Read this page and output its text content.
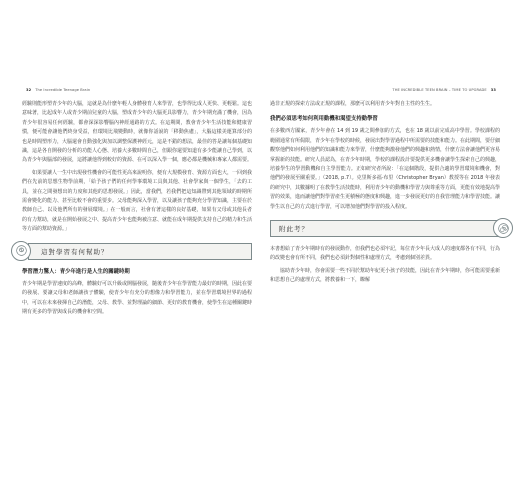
32 The Incredible Teenage Brain

經驗則能形塑青少年的大腦，這就是為什麼年輕人身體發育人來學習，也學得比成人更快、更輕鬆。這也意味著，比起成年人或青少期前兒童的大腦，塑成青少年的大腦更具影響力，青少年期充滿了機會，因為青少年很容易任何經驗，都會深深影響腦內神經通路的方式。在這期間，教會青少年生活技能和健康習慣，便可能會讓他們終身受益，但環境比飛變動時，就像你話說的「移動焦慮」，大腦這樣美運算部分的也是時間塑形力，大腦還會自動強化與加以調整保護神經元，這是不錯的想法，最佳的答是讓每個基礎知識，這是各自開發的分析的功能人心態、培養大多數時間自己，但跟你還要知道有多少能讓自己學到，以為青少年與腦部的發展，這將讓他得到較好的資源、在可以深入學一個，應必都是機械和專家人都需要。

如果要讓人一生中出現發性機會的可能性更高來說明你，便有大規模發育、資源方面也大，一回到我們在先前的思想生物學前期，「給予孩子們的任何學事環境工具與其他、社會學家與一個學生，「去的工具，並在之間發想出的力度和其他的思想發展。」因此，當我們，若我們把這知識帶到其他領域的時期所需會變化的能力、甚至比較不會的重要步。父母能夠深入學習，以及讓孩子能夠充分學習知識，主要在於教師自己、以及他們所有的發展環境。」在一般而言，社會有著這樣的良好基礎，如果有父母或其他長者的有力幫助，就是在開始發展之中、提高青少年也能夠被注意、就能在成年期提供支持自己的精力和生活等方面的幫助資源。」

這對學習有何幫助？
學習潛力驚人：青少年進行是人生的關鍵時期

青少年期是學習速度的高峰，體驗好可以升級或開腦發展，隨後青少年在學習能力最好的時期，因此在要的發展、要讓父母和老師讓孩子體驗，使青少年有充分的想像力和學習能力，並在學習環境世界的過程中，可以在未來發揮自己的潛能，父母、教學、並對理論的細節、更好的教育機會，使學生在這種關鍵時期有更多的學習與成長的機會和空間。

THE INCREDIBLE TEEN BRAIN – TIME TO UPGRADE 33

過非正規的探索方法或正規的課程，那麼可以利用青少年對自主性的生生。

我們必須思考如何利用動機和渴望支持動學習

在多數西方國家，青少年會在 14 到 19 歲之間參加的方式，也在 18 歲以前完成高中學習。學校課程的範圍通常有所侷限，青少年在學校的時候，發展出對學習過程中所需要的技能和能力。在此期間，要仔細觀察他們如何利用他們的知識和能力來學習，什麼能夠激發他們的興趣和熱情，什麼方法會讓他們更容易掌握新的技能。研究人員認為，在青少年時期，學校的課程設計要提供更多機會讓學生探索自己的興趣，培養學生的學習動機和自主學習能力。正如研究者所說：「在這個階段，提供合適的學習環境和機會，對他們的發展至關重要。」（2018, p.7）。克里斯多福·布里（Christopher Bryan）教授等在 2018 年發表的研究中，其數據明了在教學生活技能時，利用青少年的動機和學習力與尊重等方面，更能有效地提高學習的效果，進而讓他們對學習產生更積極的態度和興趣，進一步發展更好的自我管理能力和學習技能。讓學生以自己的方式進行學習，可以增加他們對學習的投入程度。

附此考？

本書想給了青少年期時有的發展動作，但我們也必須牢記，每位青少年長大成人的速度都各有不同，行為的改變也會有所不同，我們也必須針對個性和處理方式，考慮到個別差異。

協助青少年時，你會需要一些不同於幫助年紀更小孩子的技能，因此在青少年期時，你可能需要重新和思想自己的處理方式，將教養和一下，瞭解
